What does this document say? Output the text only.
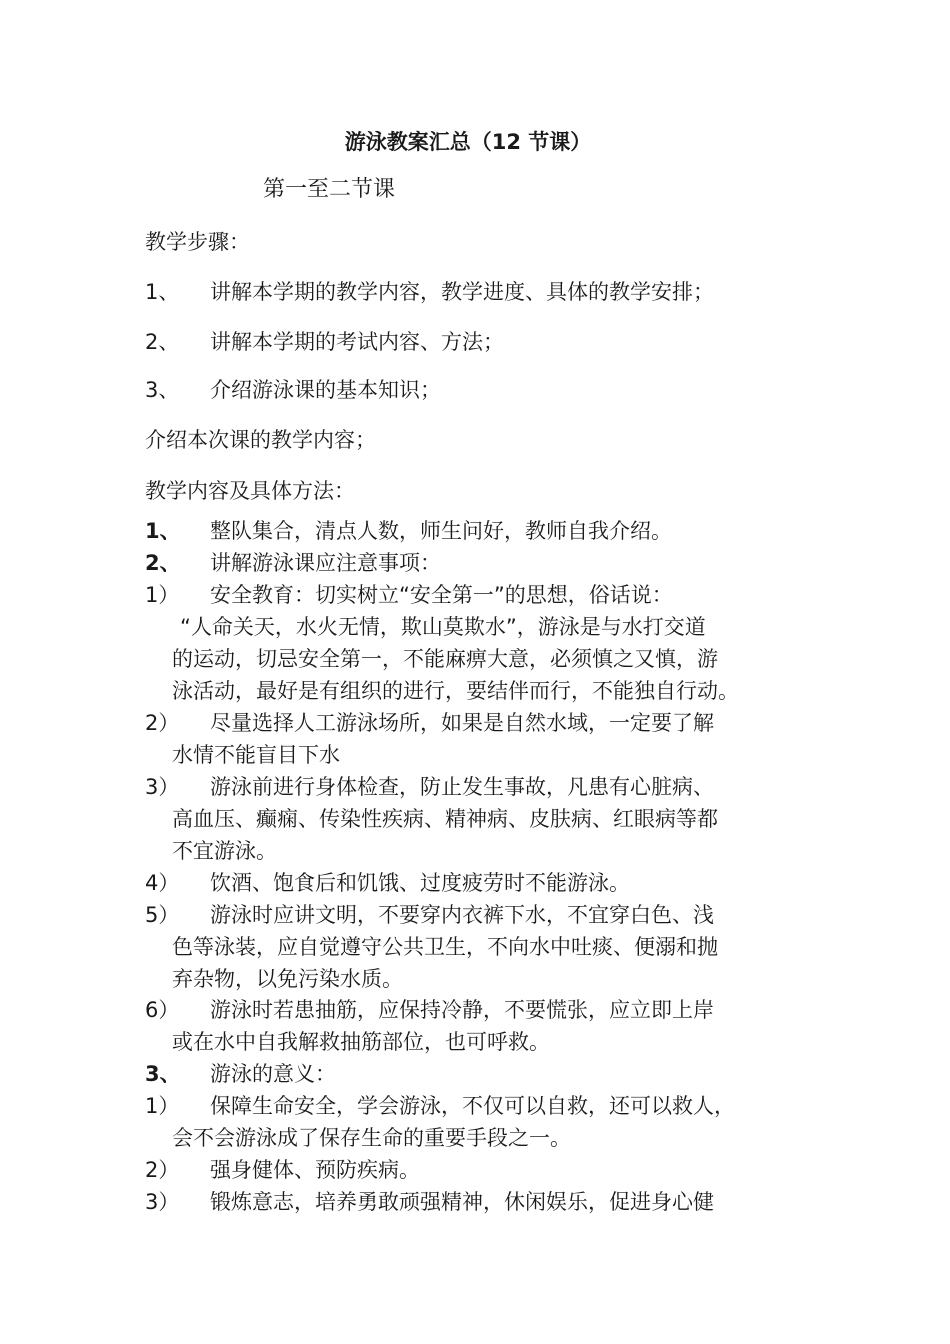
游泳教案汇总（12 节课）
第一至二节课
教学步骤：
1、 讲解本学期的教学内容，教学进度、具体的教学安排；
2、 讲解本学期的考试内容、方法；
3、 介绍游泳课的基本知识；
介绍本次课的教学内容；
教学内容及具体方法：
1、 整队集合，清点人数，师生问好，教师自我介绍。
2、 讲解游泳课应注意事项：
1） 安全教育：切实树立“安全第一”的思想，俗话说：
“人命关天，水火无情，欺山莫欺水”，游泳是与水打交道
的运动，切忌安全第一，不能麻痹大意，必须慎之又慎，游
泳活动，最好是有组织的进行，要结伴而行，不能独自行动。
2） 尽量选择人工游泳场所，如果是自然水域，一定要了解
水情不能盲目下水
3） 游泳前进行身体检查，防止发生事故，凡患有心脏病、
高血压、癫痫、传染性疾病、精神病、皮肤病、红眼病等都
不宜游泳。
4） 饮酒、饱食后和饥饿、过度疲劳时不能游泳。
5） 游泳时应讲文明，不要穿内衣裤下水，不宜穿白色、浅
色等泳装，应自觉遵守公共卫生，不向水中吐痰、便溺和抛
弃杂物，以免污染水质。
6） 游泳时若患抽筋，应保持冷静，不要慌张，应立即上岸
或在水中自我解救抽筋部位，也可呼救。
3、 游泳的意义：
1） 保障生命安全，学会游泳，不仅可以自救，还可以救人，
会不会游泳成了保存生命的重要手段之一。
2） 强身健体、预防疾病。
3） 锻炼意志，培养勇敢顽强精神，休闲娱乐，促进身心健
